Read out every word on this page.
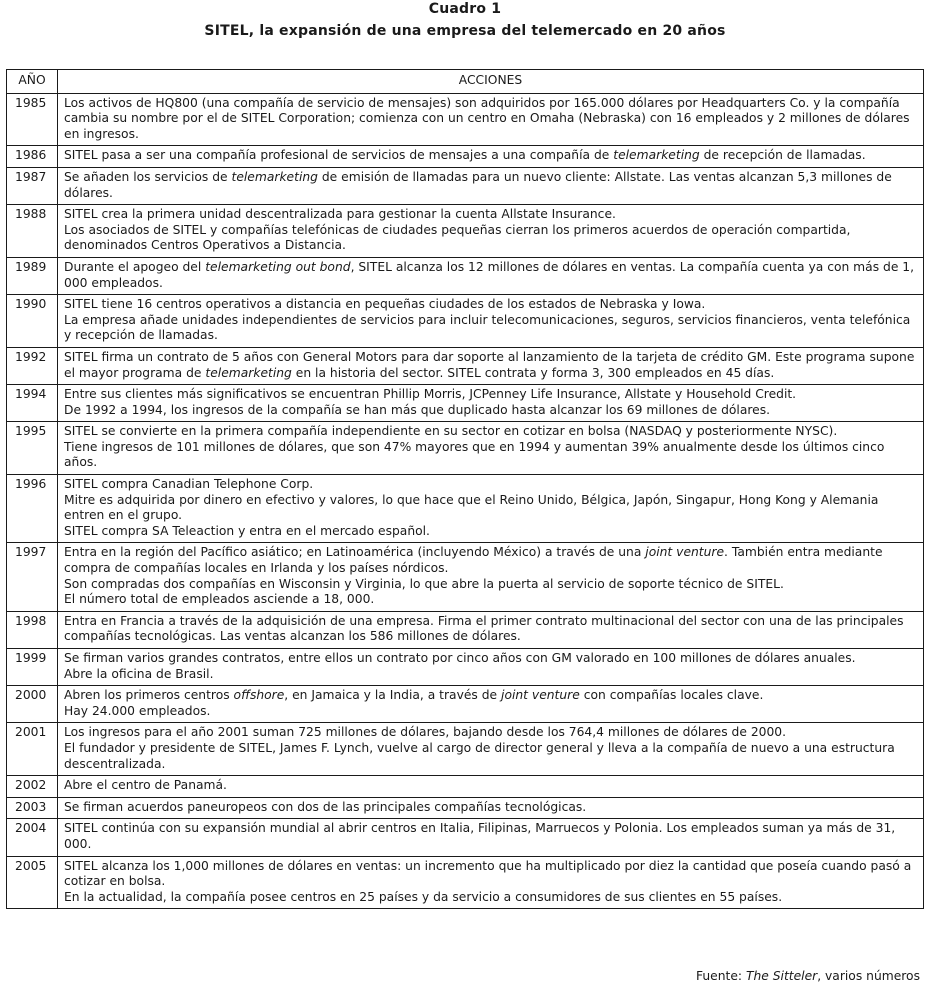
Cuadro 1
SITEL, la expansión de una empresa del telemercado en 20 años
AÑO	ACCIONES
1985	Los activos de HQ800 (una compañía de servicio de mensajes) son adquiridos por 165.000 dólares por Headquarters Co. y la compañía cambia su nombre por el de SITEL Corporation; comienza con un centro en Omaha (Nebraska) con 16 empleados y 2 millones de dólares en ingresos.

1986	SITEL pasa a ser una compañía profesional de servicios de mensajes a una compañía de telemarketing de recepción de llamadas.

1987	Se añaden los servicios de telemarketing de emisión de llamadas para un nuevo cliente: Allstate. Las ventas alcanzan 5,3 millones de dólares.

1988	SITEL crea la primera unidad descentralizada para gestionar la cuenta Allstate Insurance.

Los asociados de SITEL y compañías telefónicas de ciudades pequeñas cierran los primeros acuerdos de operación compartida, denominados Centros Operativos a Distancia.

1989	Durante el apogeo del telemarketing out bond, SITEL alcanza los 12 millones de dólares en ventas. La compañía cuenta ya con más de 1, 000 empleados.

1990	SITEL tiene 16 centros operativos a distancia en pequeñas ciudades de los estados de Nebraska y Iowa.

La empresa añade unidades independientes de servicios para incluir telecomunicaciones, seguros, servicios financieros, venta telefónica y recepción de llamadas.

1992	SITEL firma un contrato de 5 años con General Motors para dar soporte al lanzamiento de la tarjeta de crédito GM. Este programa supone el mayor programa de telemarketing en la historia del sector. SITEL contrata y forma 3, 300 empleados en 45 días.

1994	Entre sus clientes más significativos se encuentran Phillip Morris, JCPenney Life Insurance, Allstate y Household Credit.

De 1992 a 1994, los ingresos de la compañía se han más que duplicado hasta alcanzar los 69 millones de dólares.

1995	SITEL se convierte en la primera compañía independiente en su sector en cotizar en bolsa (NASDAQ y posteriormente NYSC).

Tiene ingresos de 101 millones de dólares, que son 47% mayores que en 1994 y aumentan 39% anualmente desde los últimos cinco años.

1996	SITEL compra Canadian Telephone Corp.

Mitre es adquirida por dinero en efectivo y valores, lo que hace que el Reino Unido, Bélgica, Japón, Singapur, Hong Kong y Alemania entren en el grupo.

SITEL compra SA Teleaction y entra en el mercado español.

1997	Entra en la región del Pacífico asiático; en Latinoamérica (incluyendo México) a través de una joint venture. También entra mediante compra de compañías locales en Irlanda y los países nórdicos.

Son compradas dos compañías en Wisconsin y Virginia, lo que abre la puerta al servicio de soporte técnico de SITEL.

El número total de empleados asciende a 18, 000.

1998	Entra en Francia a través de la adquisición de una empresa. Firma el primer contrato multinacional del sector con una de las principales compañías tecnológicas. Las ventas alcanzan los 586 millones de dólares.

1999	Se firman varios grandes contratos, entre ellos un contrato por cinco años con GM valorado en 100 millones de dólares anuales.

Abre la oficina de Brasil.

2000	Abren los primeros centros offshore, en Jamaica y la India, a través de joint venture con compañías locales clave.

Hay 24.000 empleados.

2001	Los ingresos para el año 2001 suman 725 millones de dólares, bajando desde los 764,4 millones de dólares de 2000.

El fundador y presidente de SITEL, James F. Lynch, vuelve al cargo de director general y lleva a la compañía de nuevo a una estructura descentralizada.

2002	Abre el centro de Panamá.

2003	Se firman acuerdos paneuropeos con dos de las principales compañías tecnológicas.

2004	SITEL continúa con su expansión mundial al abrir centros en Italia, Filipinas, Marruecos y Polonia. Los empleados suman ya más de 31, 000.

2005	SITEL alcanza los 1,000 millones de dólares en ventas: un incremento que ha multiplicado por diez la cantidad que poseía cuando pasó a cotizar en bolsa.

En la actualidad, la compañía posee centros en 25 países y da servicio a consumidores de sus clientes en 55 países.

Fuente: The Sitteler, varios números
